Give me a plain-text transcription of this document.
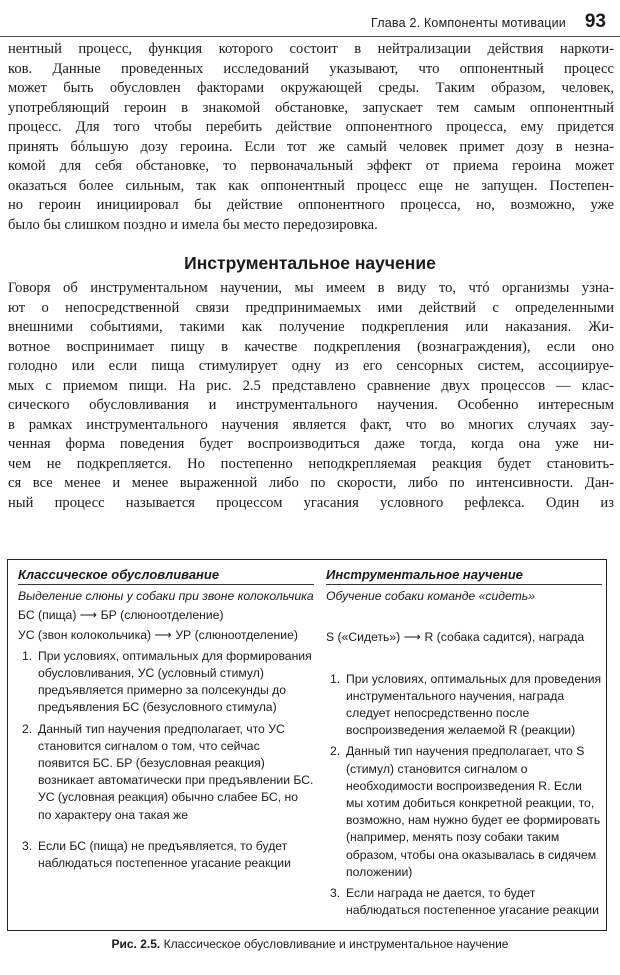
Глава 2. Компоненты мотивации 93

нентный процесс, функция которого состоит в нейтрализации действия наркоти-
ков. Данные проведенных исследований указывают, что оппонентный процесс
может быть обусловлен факторами окружающей среды. Таким образом, человек,
употребляющий героин в знакомой обстановке, запускает тем самым оппонентный
процесс. Для того чтобы перебить действие оппонентного процесса, ему придется
принять бóльшую дозу героина. Если тот же самый человек примет дозу в незна-
комой для себя обстановке, то первоначальный эффект от приема героина может
оказаться более сильным, так как оппонентный процесс еще не запущен. Постепен-
но героин инициировал бы действие оппонентного процесса, но, возможно, уже
было бы слишком поздно и имела бы место передозировка.

Инструментальное научение

Говоря об инструментальном научении, мы имеем в виду то, чтó организмы узна-
ют о непосредственной связи предпринимаемых ими действий с определенными
внешними событиями, такими как получение подкрепления или наказания. Жи-
вотное воспринимает пищу в качестве подкрепления (вознаграждения), если оно
голодно или если пища стимулирует одну из его сенсорных систем, ассоциируе-
мых с приемом пищи. На рис. 2.5 представлено сравнение двух процессов — клас-
сического обусловливания и инструментального научения. Особенно интересным
в рамках инструментального научения является факт, что во многих случаях зау-
ченная форма поведения будет воспроизводиться даже тогда, когда она уже ни-
чем не подкрепляется. Но постепенно неподкрепляемая реакция будет становить-
ся все менее и менее выраженной либо по скорости, либо по интенсивности. Дан-
ный процесс называется процессом угасания условного рефлекса. Один из

Классическое обусловливание
Выделение слюны у собаки при звоне колокольчика
БС (пища) ⟶ БР (слюноотделение)
УС (звон колокольчика) ⟶ УР (слюноотделение)
1. При условиях, оптимальных для формирования обусловливания, УС (условный стимул) предъявляется примерно за полсекунды до предъявления БС (безусловного стимула)
2. Данный тип научения предполагает, что УС становится сигналом о том, что сейчас появится БС. БР (безусловная реакция) возникает автоматически при предъявлении БС. УС (условная реакция) обычно слабее БС, но по характеру она такая же
3. Если БС (пища) не предъявляется, то будет наблюдаться постепенное угасание реакции
Инструментальное научение
Обучение собаки команде «сидеть»
S («Сидеть») ⟶ R (собака садится), награда
1. При условиях, оптимальных для проведения инструментального научения, награда следует непосредственно после воспроизведения желаемой R (реакции)
2. Данный тип научения предполагает, что S (стимул) становится сигналом о необходимости воспроизведения R. Если мы хотим добиться конкретной реакции, то, возможно, нам нужно будет ее формировать (например, менять позу собаки таким образом, чтобы она оказывалась в сидячем положении)
3. Если награда не дается, то будет наблюдаться постепенное угасание реакции
Рис. 2.5. Классическое обусловливание и инструментальное научение
